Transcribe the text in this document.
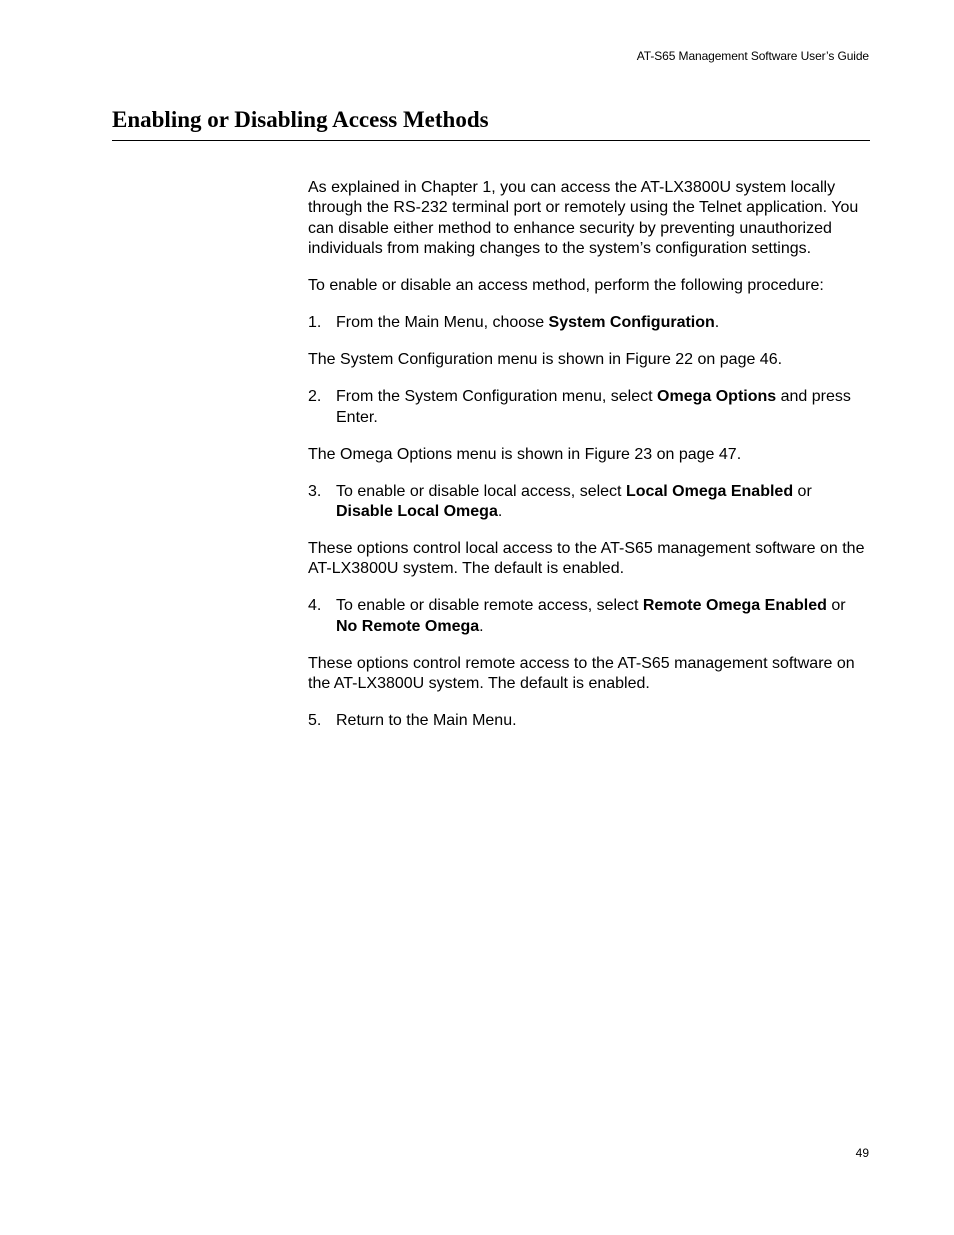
AT-S65 Management Software User’s Guide
Enabling or Disabling Access Methods

As explained in Chapter 1, you can access the AT-LX3800U system locally through the RS-232 terminal port or remotely using the Telnet application. You can disable either method to enhance security by preventing unauthorized individuals from making changes to the system’s configuration settings.

To enable or disable an access method, perform the following procedure:

1. From the Main Menu, choose System Configuration.

The System Configuration menu is shown in Figure 22 on page 46.

2. From the System Configuration menu, select Omega Options and press Enter.

The Omega Options menu is shown in Figure 23 on page 47.

3. To enable or disable local access, select Local Omega Enabled or Disable Local Omega.

These options control local access to the AT-S65 management software on the AT-LX3800U system. The default is enabled.

4. To enable or disable remote access, select Remote Omega Enabled or No Remote Omega.

These options control remote access to the AT-S65 management software on the AT-LX3800U system. The default is enabled.

5. Return to the Main Menu.
49
